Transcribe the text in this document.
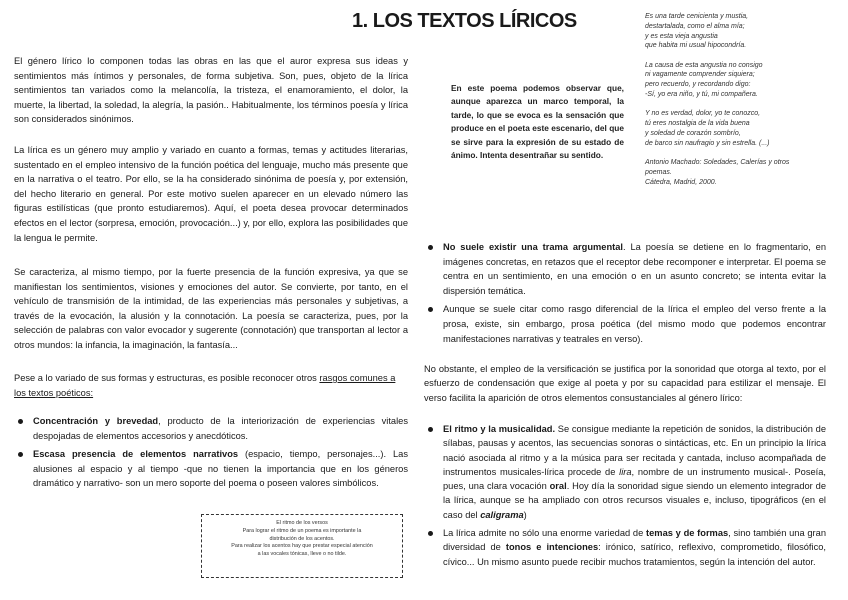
1. LOS TEXTOS LÍRICOS

El género lírico lo componen todas las obras en las que el auror expresa sus ideas y sentimientos más íntimos y personales, de forma subjetiva. Son, pues, objeto de la lírica sentimientos tan variados como la melancolía, la tristeza, el enamoramiento, el dolor, la muerte, la libertad, la soledad, la alegría, la pasión.. Habitualmente, los términos poesía y lírica son considerados sinónimos.

La lírica es un género muy amplio y variado en cuanto a formas, temas y actitudes literarias, sustentado en el empleo intensivo de la función poética del lenguaje, mucho más presente que en la narrativa o el teatro. Por ello, se la ha considerado sinónima de poesía y, por extensión, del hecho literario en general. Por este motivo suelen aparecer en un elevado número las figuras estilísticas (que pronto estudiaremos). Aquí, el poeta desea provocar determinados efectos en el lector (sorpresa, emoción, provocación...) y, por ello, explora las posibilidades que la lengua le permite.

Se caracteriza, al mismo tiempo, por la fuerte presencia de la función expresiva, ya que se manifiestan los sentimientos, visiones y emociones del autor. Se convierte, por tanto, en el vehículo de transmisión de la intimidad, de las experiencias más personales y subjetivas, a través de la evocación, la alusión y la connotación. La poesía se caracteriza, pues, por la selección de palabras con valor evocador y sugerente (connotación) que transportan al lector a otros mundos: la infancia, la imaginación, la fantasía...

Pese a lo variado de sus formas y estructuras, es posible reconocer otros rasgos comunes a los textos poéticos:

Concentración y brevedad, producto de la interiorización de experiencias vitales despojadas de elementos accesorios y anecdóticos.
Escasa presencia de elementos narrativos (espacio, tiempo, personajes...). Las alusiones al espacio y al tiempo -que no tienen la importancia que en los géneros dramático y narrativo- son un mero soporte del poema o poseen valores simbólicos.
El ritmo de los versos
Para lograr el ritmo de un poema es importante la
distribución de los acentos.
Para realizar los acentos hay que prestar especial atención
a las vocales tónicas, lleve o no tilde.

En este poema podemos observar que, aunque aparezca un marco temporal, la tarde, lo que se evoca es la sensación que produce en el poeta este escenario, del que se sirve para la expresión de su estado de ánimo. Intenta desentrañar su sentido.

Es una tarde cenicienta y mustia,
destartalada, como el alma mía;
y es esta vieja angustia
que habita mi usual hipocondría.
La causa de esta angustia no consigo
ni vagamente comprender siquiera;
pero recuerdo, y recordando digo:
-Sí, yo era niño, y tú, mi compañera.
Y no es verdad, dolor, yo te conozco,
tú eres nostalgia de la vida buena
y soledad de corazón sombrío,
de barco sin naufragio y sin estrella. (...)
Antonio Machado: Soledades, Calerías y otros
poemas.
Cátedra, Madrid, 2000.
No suele existir una trama argumental. La poesía se detiene en lo fragmentario, en imágenes concretas, en retazos que el receptor debe recomponer e interpretar. El poema se centra en un sentimiento, en una emoción o en un asunto concreto; se intenta evitar la dispersión temática.
Aunque se suele citar como rasgo diferencial de la lírica el empleo del verso frente a la prosa, existe, sin embargo, prosa poética (del mismo modo que podemos encontrar manifestaciones narrativas y teatrales en verso).

No obstante, el empleo de la versificación se justifica por la sonoridad que otorga al texto, por el esfuerzo de condensación que exige al poeta y por su capacidad para estilizar el mensaje. El verso facilita la aparición de otros elementos consustanciales al género lírico:

El ritmo y la musicalidad. Se consigue mediante la repetición de sonidos, la distribución de sílabas, pausas y acentos, las secuencias sonoras o sintácticas, etc. En un principio la lírica nació asociada al ritmo y a la música para ser recitada y cantada, incluso acompañada de instrumentos musicales-lírica procede de lira, nombre de un instrumento musical-. Poseía, pues, una clara vocación oral. Hoy día la sonoridad sigue siendo un elemento integrador de la lírica, aunque se ha ampliado con otros recursos visuales e, incluso, tipográficos (en el caso del caligrama)
La lírica admite no sólo una enorme variedad de temas y de formas, sino también una gran diversidad de tonos e intenciones: irónico, satírico, reflexivo, comprometido, filosófico, cívico... Un mismo asunto puede recibir muchos tratamientos, según la intención del autor.
